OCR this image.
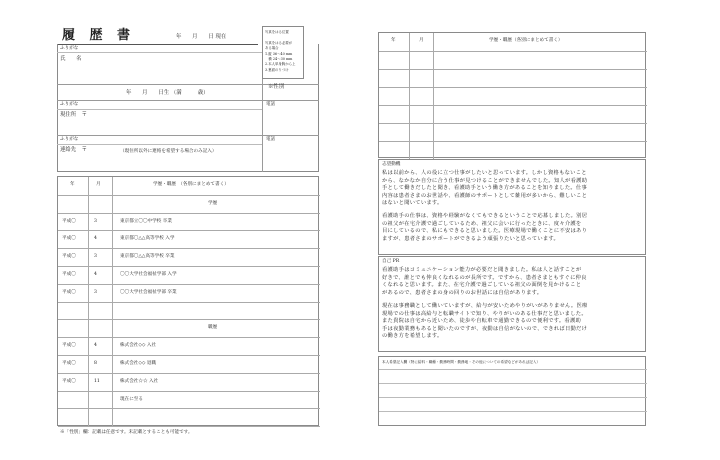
履 歴 書	年　　月　　日 現在
写真をはる位置

写真をはる必要が
ある場合
1.縦 36～40 mm
　横 24～30 mm
2.本人単身胸から上
3.裏面のりづけ
ふりがな
氏　　名
年　　月　　日生 （満　　　歳）
※性別
ふりがな
現住所　〒
電話
ふりがな
連絡先　〒	（現住所以外に連絡を希望する場合のみ記入）
電話
年	月	学歴・職歴　（各別にまとめて書く）
学歴
平成〇	3	東京都立〇〇中学校 卒業
平成〇	4	東京都〇△△高等学校 入学
平成〇	3	東京都〇△△高等学校 卒業
平成〇	4	〇〇大学社会福祉学部 入学
平成〇	3	〇〇大学社会福祉学部 卒業
職歴
平成〇	4	株式会社◇◇ 入社
平成〇	8	株式会社◇◇ 退職
平成〇	11	株式会社☆☆ 入社
現在に至る
※「性別」欄：記載は任意です。未記載とすることも可能です。
年	月	学歴・職歴（各別にまとめて書く）
志望動機
私は以前から、人の役に立つ仕事がしたいと思っています。しかし資格もないこと
から、なかなか自分に合う仕事が見つけることができませんでした。知人が看護助
手として働きだしたと聞き、看護助手という働き方があることを知りました。仕事
内容は患者さまのお世話や、看護師のサポートとして雑用が多いから、難しいこと
はないと聞いています。
看護助手の仕事は、資格や経験がなくてもできるということで応募しました。別居
の祖父が在宅介護で過ごしているため、祖父に会いに行ったときに、度々介護を
目にしているので、私にもできると思いました。医療現場で働くことに不安はあり
ますが、患者さまのサポートができるよう頑張りたいと思っています。
自己 PR
看護助手はコミュニケーション能力が必要だと聞きました。私は人と話すことが
好きで、誰とでも仲良くなれるのが長所です。ですから、患者さまともすぐに仲良
くなれると思います。また、在宅介護で過ごしている祖父の面倒を見かけること
があるので、患者さまの身の回りのお世話には自信があります。
現在は事務職として働いていますが、給与が安いためやりがいがありません。医療
現場での仕事は高給与と転職サイトで知り、やりがいのある仕事だと思いました。
また貴院は自宅から近いため、徒歩や自転車で通勤できるので便利です。看護助
手は夜勤業務もあると聞いたのですが、夜勤は自信がないので、できれば日勤だけ
の働き方を希望します。
本人希望記入欄（特に給料・職種・勤務時間・勤務地・その他についての希望などがあれば記入）
